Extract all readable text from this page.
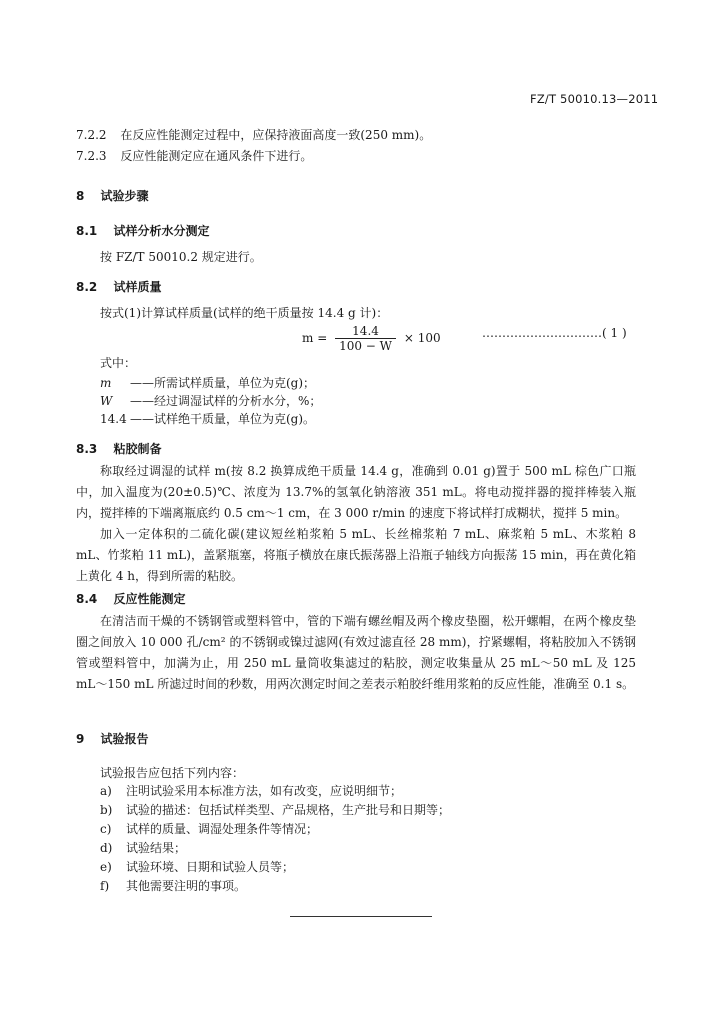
FZ/T 50010.13—2011
7.2.2 在反应性能测定过程中，应保持液面高度一致(250 mm)。
7.2.3 反应性能测定应在通风条件下进行。
8 试验步骤
8.1 试样分析水分测定
按 FZ/T 50010.2 规定进行。
8.2 试样质量
按式(1)计算试样质量(试样的绝干质量按 14.4 g 计)：
$m = \frac{14.4}{100 - W} \times 100$	…………………………( 1 )
式中：
m ——所需试样质量，单位为克(g)；
W ——经过调湿试样的分析水分，%；
14.4 ——试样绝干质量，单位为克(g)。
8.3 粘胶制备
称取经过调湿的试样 m(按 8.2 换算成绝干质量 14.4 g，准确到 0.01 g)置于 500 mL 棕色广口瓶中，加入温度为(20±0.5)℃、浓度为 13.7%的氢氧化钠溶液 351 mL。将电动搅拌器的搅拌棒装入瓶内，搅拌棒的下端离瓶底约 0.5 cm～1 cm，在 3 000 r/min 的速度下将试样打成糊状，搅拌 5 min。
加入一定体积的二硫化碳(建议短丝粕浆粕 5 mL、长丝棉浆粕 7 mL、麻浆粕 5 mL、木浆粕 8 mL、竹浆粕 11 mL)，盖紧瓶塞，将瓶子横放在康氏振荡器上沿瓶子轴线方向振荡 15 min，再在黄化箱上黄化 4 h，得到所需的粘胶。
8.4 反应性能测定
在清洁而干燥的不锈钢管或塑料管中，管的下端有螺丝帽及两个橡皮垫圈，松开螺帽，在两个橡皮垫圈之间放入 10 000 孔/cm² 的不锈钢或镍过滤网(有效过滤直径 28 mm)，拧紧螺帽，将粘胶加入不锈钢管或塑料管中，加满为止，用 250 mL 量筒收集滤过的粘胶，测定收集量从 25 mL～50 mL 及 125 mL～150 mL 所滤过时间的秒数，用两次测定时间之差表示粕胶纤维用浆粕的反应性能，准确至 0.1 s。
9 试验报告
试验报告应包括下列内容：
a) 注明试验采用本标准方法，如有改变，应说明细节；
b) 试验的描述：包括试样类型、产品规格，生产批号和日期等；
c) 试样的质量、调湿处理条件等情况；
d) 试验结果；
e) 试验环境、日期和试验人员等；
f) 其他需要注明的事项。
